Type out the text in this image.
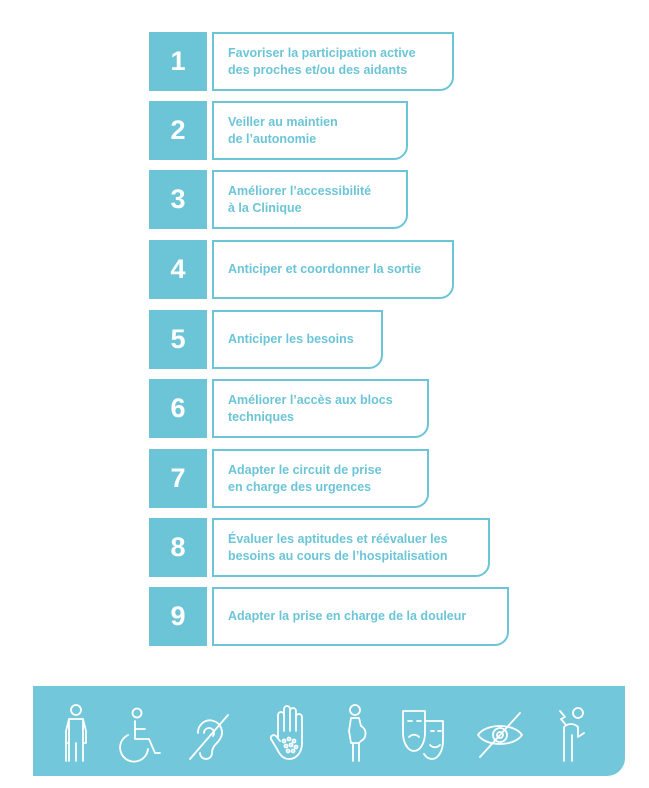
1	Favoriser la participation active
des proches et/ou des aidants
2	Veiller au maintien
de l’autonomie
3	Améliorer l’accessibilité
à la Clinique
4	Anticiper et coordonner la sortie
5	Anticiper les besoins
6	Améliorer l’accès aux blocs
techniques
7	Adapter le circuit de prise
en charge des urgences
8	Évaluer les aptitudes et réévaluer les
besoins au cours de l’hospitalisation
9	Adapter la prise en charge de la douleur
